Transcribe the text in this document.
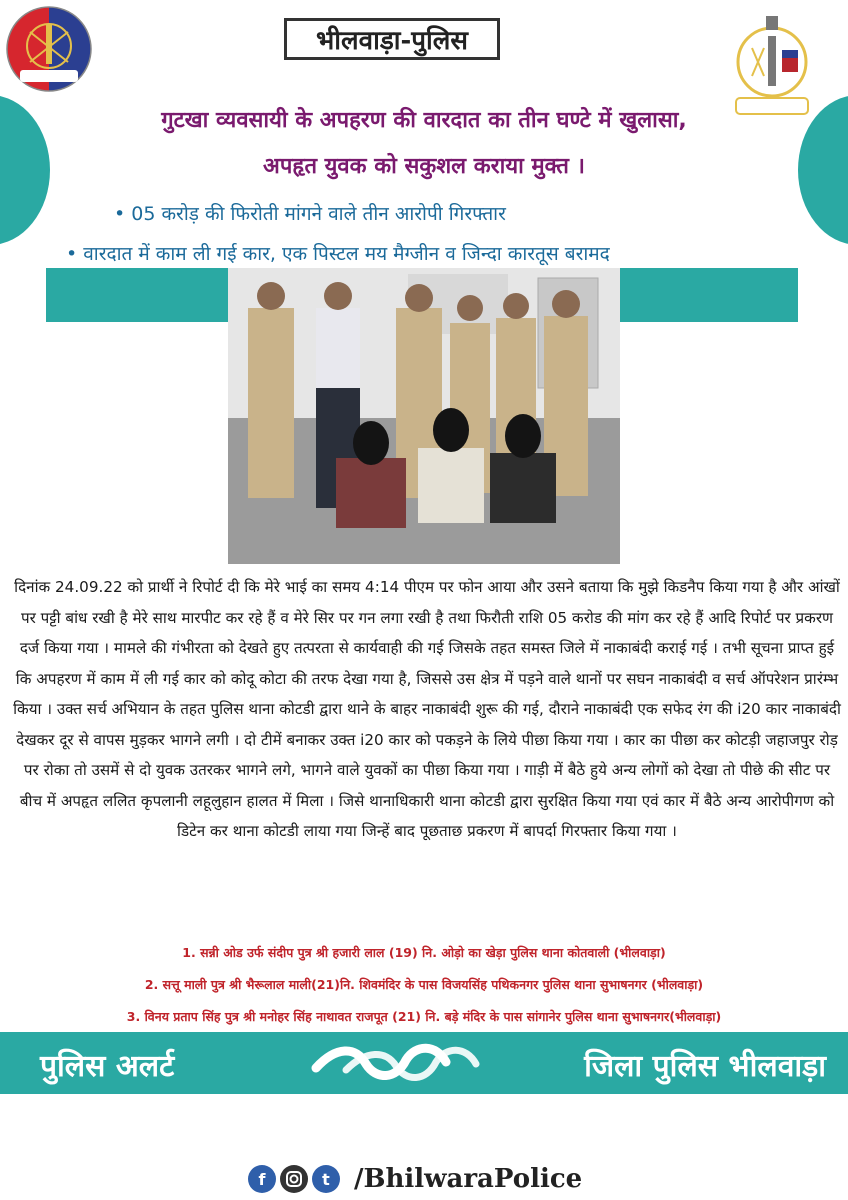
भीलवाड़ा-पुलिस
गुटखा व्यवसायी के अपहरण की वारदात का तीन घण्टे में खुलासा,
अपहृत युवक को सकुशल कराया मुक्त ।
• 05 करोड़ की फिरोती मांगने वाले तीन आरोपी गिरफ्तार
• वारदात में काम ली गई कार, एक पिस्टल मय मैग्जीन व जिन्दा कारतूस बरामद
दिनांक 24.09.22 को प्रार्थी ने रिपोर्ट दी कि मेरे भाई का समय 4:14 पीएम पर फोन आया और उसने बताया कि मुझे किडनैप किया गया है और आंखों पर पट्टी बांध रखी है मेरे साथ मारपीट कर रहे हैं व मेरे सिर पर गन लगा रखी है तथा फिरौती राशि 05 करोड की मांग कर रहे हैं आदि रिपोर्ट पर प्रकरण दर्ज किया गया । मामले की गंभीरता को देखते हुए तत्परता से कार्यवाही की गई जिसके तहत समस्त जिले में नाकाबंदी कराई गई । तभी सूचना प्राप्त हुई कि अपहरण में काम में ली गई कार को कोदू कोटा की तरफ देखा गया है, जिससे उस क्षेत्र में पड़ने वाले थानों पर सघन नाकाबंदी व सर्च ऑपरेशन प्रारंम्भ किया । उक्त सर्च अभियान के तहत पुलिस थाना कोटडी द्वारा थाने के बाहर नाकाबंदी शुरू की गई, दौराने नाकाबंदी एक सफेद रंग की i20 कार नाकाबंदी देखकर दूर से वापस मुड़कर भागने लगी । दो टीमें बनाकर उक्त i20 कार को पकड़ने के लिये पीछा किया गया । कार का पीछा कर कोटड़ी जहाजपुर रोड़ पर रोका तो उसमें से दो युवक उतरकर भागने लगे, भागने वाले युवकों का पीछा किया गया । गाड़ी में बैठे हुये अन्य लोगों को देखा तो पीछे की सीट पर बीच में अपहृत ललित कृपलानी लहूलुहान हालत में मिला । जिसे थानाधिकारी थाना कोटडी द्वारा सुरक्षित किया गया एवं कार में बैठे अन्य आरोपीगण को डिटेन कर थाना कोटडी लाया गया जिन्हें बाद पूछताछ प्रकरण में बापर्दा गिरफ्तार किया गया ।
1. सन्नी ओड उर्फ संदीप पुत्र श्री हजारी लाल (19) नि. ओड़ो का खेड़ा पुलिस थाना कोतवाली (भीलवाड़ा)
2. सत्तू माली पुत्र श्री भैरूलाल माली(21)नि. शिवमंदिर के पास विजयसिंह पथिकनगर पुलिस थाना सुभाषनगर (भीलवाड़ा)
3. विनय प्रताप सिंह पुत्र श्री मनोहर सिंह नाथावत राजपूत (21) नि. बड़े मंदिर के पास सांगानेर पुलिस थाना सुभाषनगर(भीलवाड़ा)
पुलिस अलर्ट	जिला पुलिस भीलवाड़ा
f	t /BhilwaraPolice
